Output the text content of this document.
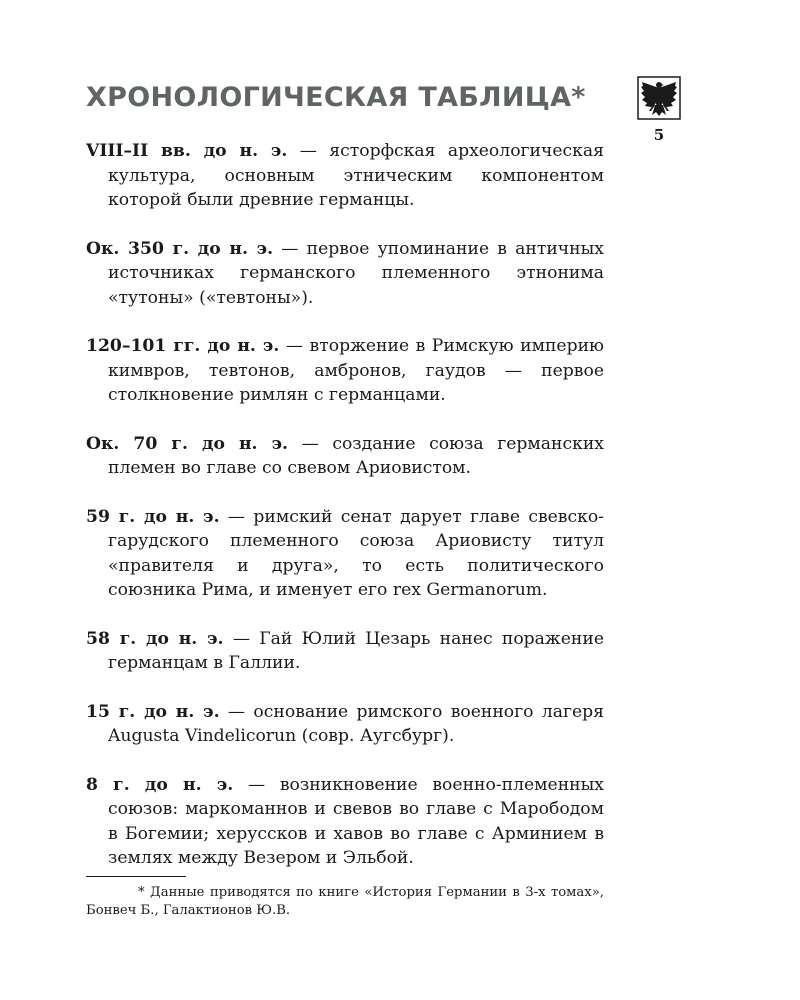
ХРОНОЛОГИЧЕСКАЯ ТАБЛИЦА*
5
VIII–II вв. до н. э. — ясторфская археологическая культура, основным этническим компонентом которой были древние германцы.
Ок. 350 г. до н. э. — первое упоминание в античных источниках германского племенного этнонима «тутоны» («тевтоны»).
120–101 гг. до н. э. — вторжение в Римскую империю кимвров, тевтонов, амбронов, гаудов — первое столкновение римлян с германцами.
Ок. 70 г. до н. э. — создание союза германских племен во главе со свевом Ариовистом.
59 г. до н. э. — римский сенат дарует главе свевско-гарудского племенного союза Ариовисту титул «правителя и друга», то есть политического союзника Рима, и именует его rex Germanorum.
58 г. до н. э. — Гай Юлий Цезарь нанес поражение германцам в Галлии.
15 г. до н. э. — основание римского военного лагеря Augusta Vindelicorun (совр. Аугсбург).
8 г. до н. э. — возникновение военно-племенных союзов: маркоманнов и свевов во главе с Марободом в Богемии; херусcков и хавов во главе с Арминием в землях между Везером и Эльбой.

* Данные приводятся по книге «История Германии в 3-х томах», Бонвеч Б., Галактионов Ю.В.
